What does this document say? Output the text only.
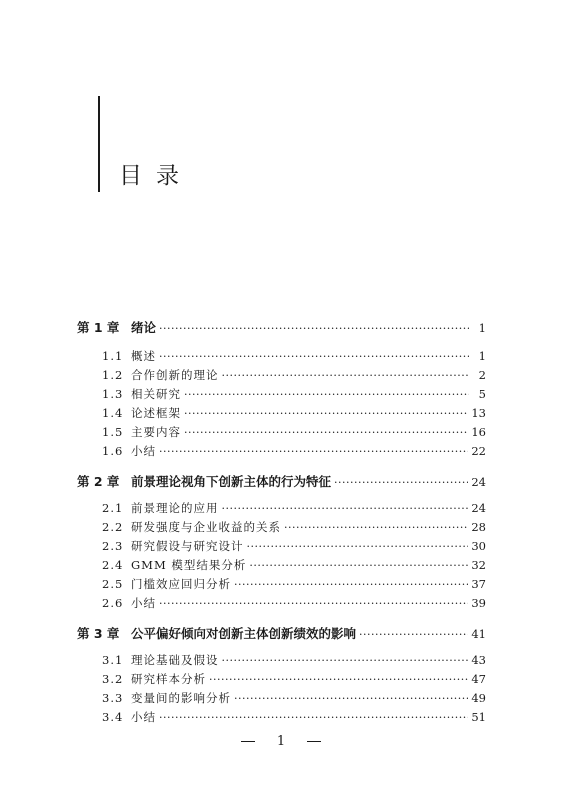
目录
第 1 章 绪论 ·····	1
1.1 概述 ·····	1
1.2 合作创新的理论 ·····	2
1.3 相关研究 ·····	5
1.4 论述框架 ·····	13
1.5 主要内容 ·····	16
1.6 小结 ·····	22
第 2 章 前景理论视角下创新主体的行为特征 ·····	24
2.1 前景理论的应用 ·····	24
2.2 研发强度与企业收益的关系 ·····	28
2.3 研究假设与研究设计 ·····	30
2.4 GMM 模型结果分析 ·····	32
2.5 门槛效应回归分析 ·····	37
2.6 小结 ·····	39
第 3 章 公平偏好倾向对创新主体创新绩效的影响 ·····	41
3.1 理论基础及假设 ·····	43
3.2 研究样本分析 ·····	47
3.3 变量间的影响分析 ·····	49
3.4 小结 ·····	51
1
